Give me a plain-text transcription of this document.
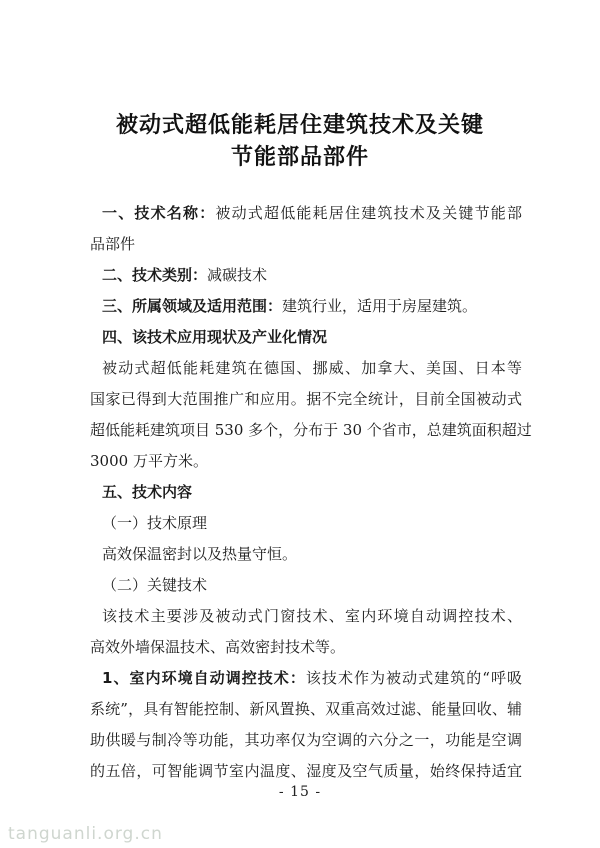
被动式超低能耗居住建筑技术及关键
节能部品部件
一、技术名称：被动式超低能耗居住建筑技术及关键节能部
品部件
二、技术类别：减碳技术
三、所属领域及适用范围：建筑行业，适用于房屋建筑。
四、该技术应用现状及产业化情况
被动式超低能耗建筑在德国、挪威、加拿大、美国、日本等
国家已得到大范围推广和应用。据不完全统计，目前全国被动式
超低能耗建筑项目 530 多个，分布于 30 个省市，总建筑面积超过
3000 万平方米。
五、技术内容
（一）技术原理
高效保温密封以及热量守恒。
（二）关键技术
该技术主要涉及被动式门窗技术、室内环境自动调控技术、
高效外墙保温技术、高效密封技术等。
1、室内环境自动调控技术：该技术作为被动式建筑的“呼吸
系统”，具有智能控制、新风置换、双重高效过滤、能量回收、辅
助供暖与制冷等功能，其功率仅为空调的六分之一，功能是空调
的五倍，可智能调节室内温度、湿度及空气质量，始终保持适宜
- 15 -
tanguanli.org.cn
